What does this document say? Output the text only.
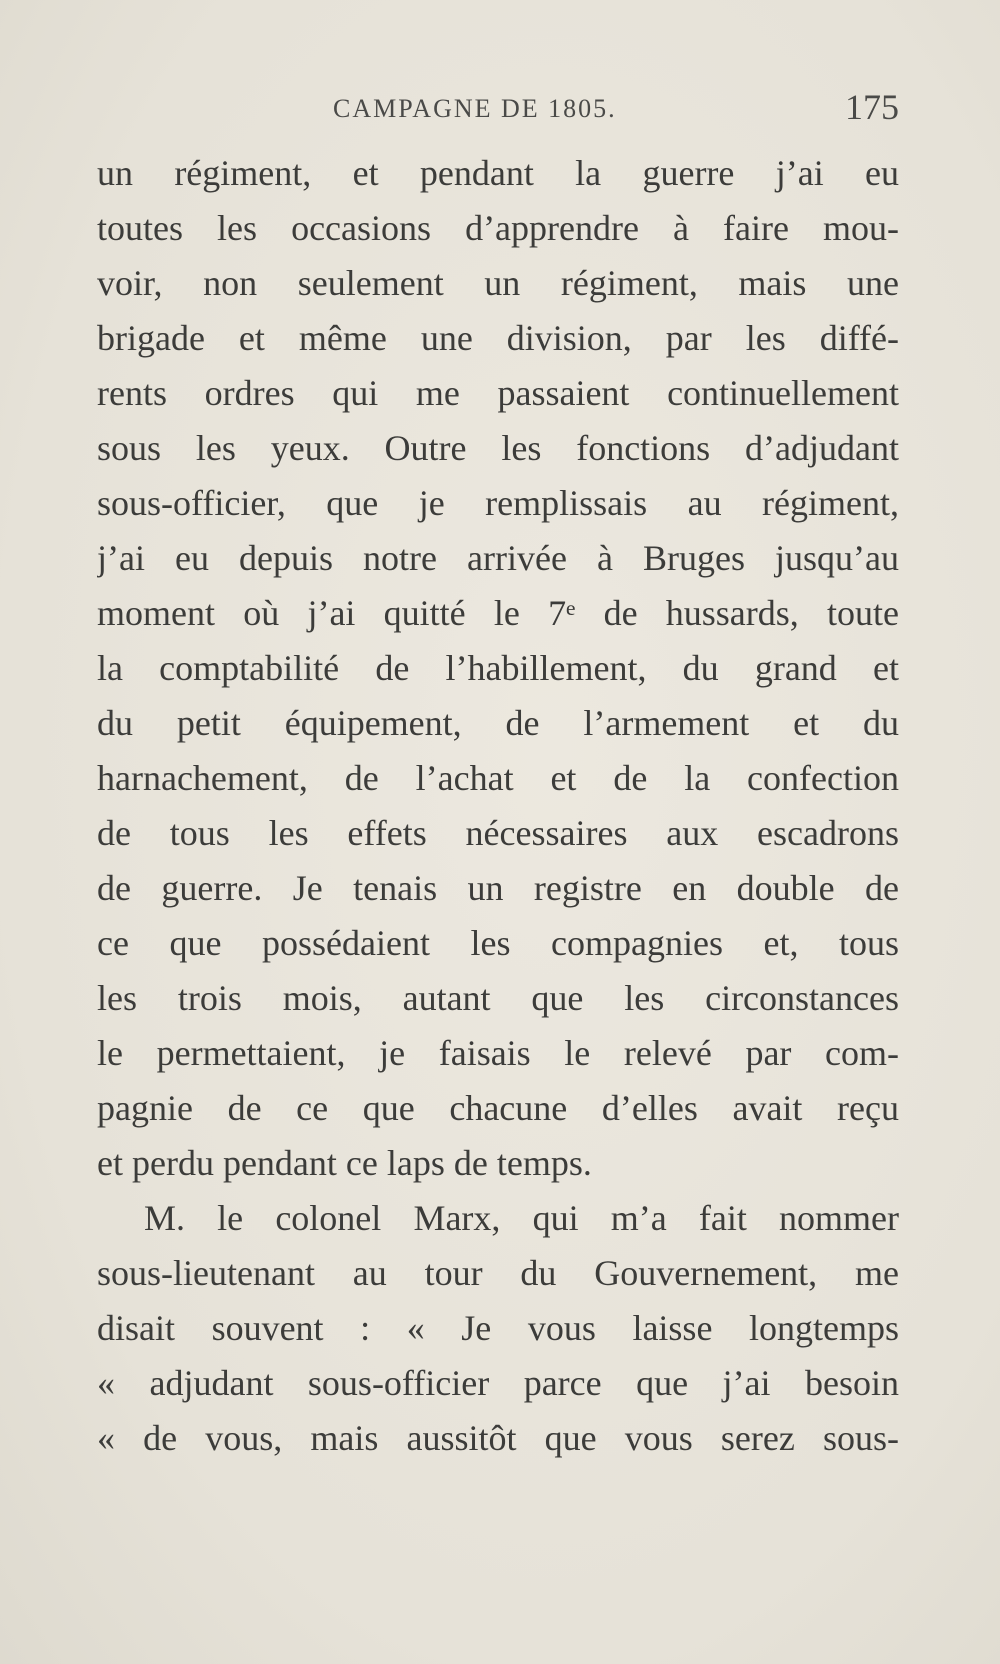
CAMPAGNE DE 1805.	175
un régiment, et pendant la guerre j’ai eu
toutes les occasions d’apprendre à faire mou-
voir, non seulement un régiment, mais une
brigade et même une division, par les diffé-
rents ordres qui me passaient continuellement
sous les yeux. Outre les fonctions d’adjudant
sous-officier, que je remplissais au régiment,
j’ai eu depuis notre arrivée à Bruges jusqu’au
moment où j’ai quitté le 7ᵉ de hussards, toute
la comptabilité de l’habillement, du grand et
du petit équipement, de l’armement et du
harnachement, de l’achat et de la confection
de tous les effets nécessaires aux escadrons
de guerre. Je tenais un registre en double de
ce que possédaient les compagnies et, tous
les trois mois, autant que les circonstances
le permettaient, je faisais le relevé par com-
pagnie de ce que chacune d’elles avait reçu
et perdu pendant ce laps de temps.
M. le colonel Marx, qui m’a fait nommer
sous-lieutenant au tour du Gouvernement, me
disait souvent : « Je vous laisse longtemps
« adjudant sous-officier parce que j’ai besoin
« de vous, mais aussitôt que vous serez sous-
